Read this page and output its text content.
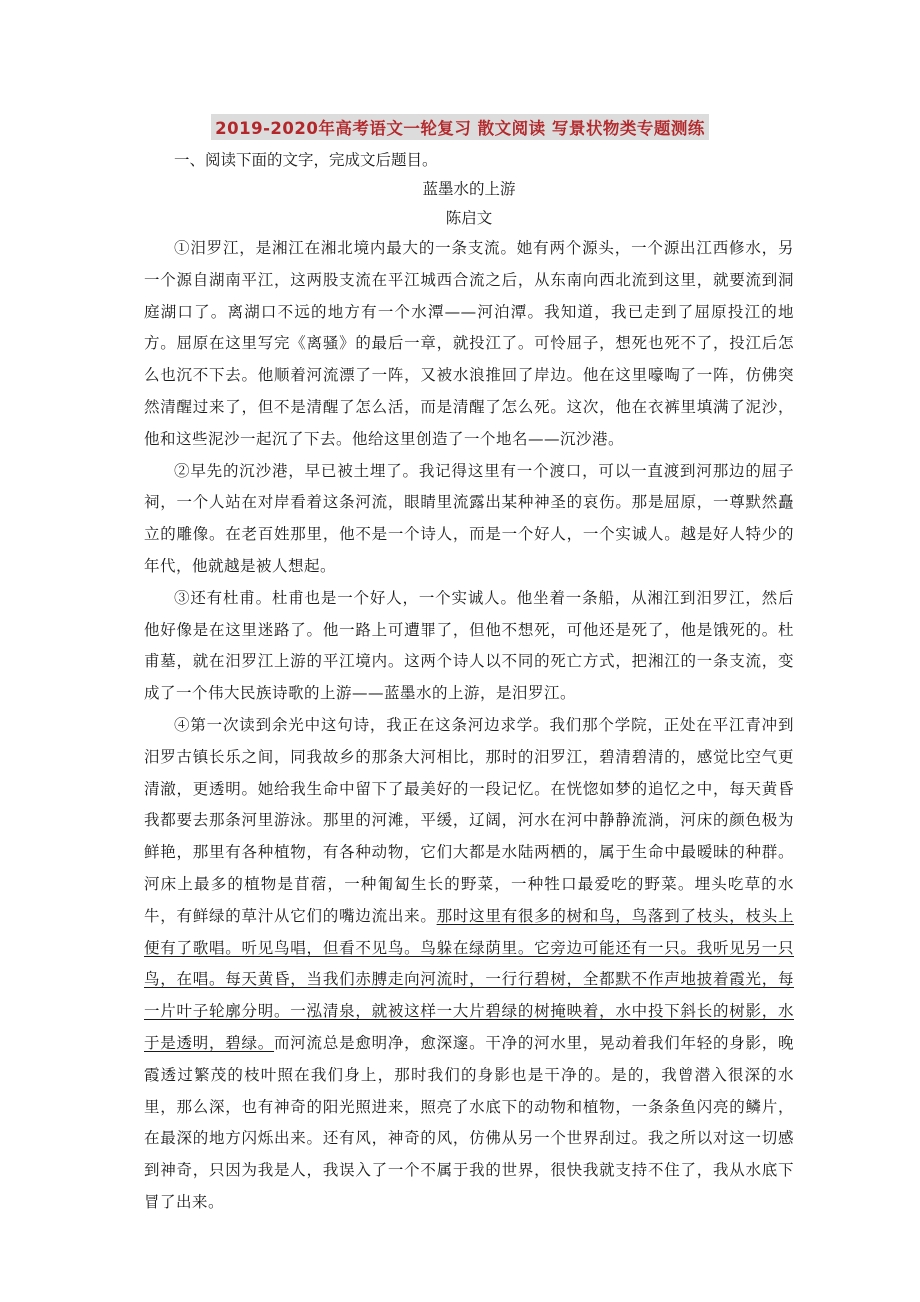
2019-2020年高考语文一轮复习 散文阅读 写景状物类专题测练

一、阅读下面的文字，完成文后题目。

蓝墨水的上游

陈启文

①汨罗江，是湘江在湘北境内最大的一条支流。她有两个源头，一个源出江西修水，另一个源自湖南平江，这两股支流在平江城西合流之后，从东南向西北流到这里，就要流到洞庭湖口了。离湖口不远的地方有一个水潭——河泊潭。我知道，我已走到了屈原投江的地方。屈原在这里写完《离骚》的最后一章，就投江了。可怜屈子，想死也死不了，投江后怎么也沉不下去。他顺着河流漂了一阵，又被水浪推回了岸边。他在这里嚎啕了一阵，仿佛突然清醒过来了，但不是清醒了怎么活，而是清醒了怎么死。这次，他在衣裤里填满了泥沙，他和这些泥沙一起沉了下去。他给这里创造了一个地名——沉沙港。

②早先的沉沙港，早已被土埋了。我记得这里有一个渡口，可以一直渡到河那边的屈子祠，一个人站在对岸看着这条河流，眼睛里流露出某种神圣的哀伤。那是屈原，一尊默然矗立的雕像。在老百姓那里，他不是一个诗人，而是一个好人，一个实诚人。越是好人特少的年代，他就越是被人想起。

③还有杜甫。杜甫也是一个好人，一个实诚人。他坐着一条船，从湘江到汨罗江，然后他好像是在这里迷路了。他一路上可遭罪了，但他不想死，可他还是死了，他是饿死的。杜甫墓，就在汨罗江上游的平江境内。这两个诗人以不同的死亡方式，把湘江的一条支流，变成了一个伟大民族诗歌的上游——蓝墨水的上游，是汨罗江。

④第一次读到余光中这句诗，我正在这条河边求学。我们那个学院，正处在平江青冲到汨罗古镇长乐之间，同我故乡的那条大河相比，那时的汨罗江，碧清碧清的，感觉比空气更清澈，更透明。她给我生命中留下了最美好的一段记忆。在恍惚如梦的追忆之中，每天黄昏我都要去那条河里游泳。那里的河滩，平缓，辽阔，河水在河中静静流淌，河床的颜色极为鲜艳，那里有各种植物，有各种动物，它们大都是水陆两栖的，属于生命中最暧昧的种群。河床上最多的植物是苜蓿，一种匍匐生长的野菜，一种牲口最爱吃的野菜。埋头吃草的水牛，有鲜绿的草汁从它们的嘴边流出来。那时这里有很多的树和鸟，鸟落到了枝头，枝头上便有了歌唱。听见鸟唱，但看不见鸟。鸟躲在绿荫里。它旁边可能还有一只。我听见另一只鸟，在唱。每天黄昏，当我们赤膊走向河流时，一行行碧树，全都默不作声地披着霞光，每一片叶子轮廓分明。一泓清泉，就被这样一大片碧绿的树掩映着，水中投下斜长的树影，水于是透明，碧绿。而河流总是愈明净，愈深邃。干净的河水里，晃动着我们年轻的身影，晚霞透过繁茂的枝叶照在我们身上，那时我们的身影也是干净的。是的，我曾潜入很深的水里，那么深，也有神奇的阳光照进来，照亮了水底下的动物和植物，一条条鱼闪亮的鳞片，在最深的地方闪烁出来。还有风，神奇的风，仿佛从另一个世界刮过。我之所以对这一切感到神奇，只因为我是人，我误入了一个不属于我的世界，很快我就支持不住了，我从水底下冒了出来。
